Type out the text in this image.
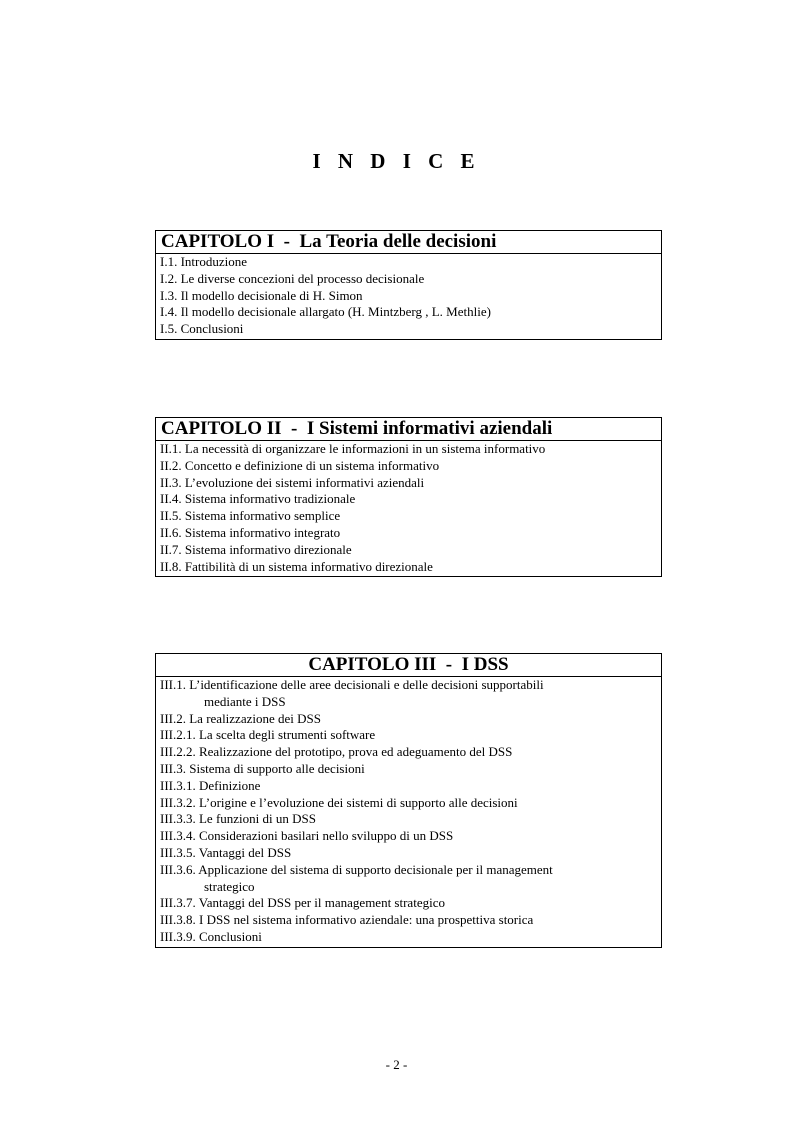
I N D I C E
CAPITOLO I  -  La Teoria delle decisioni
I.1. Introduzione
I.2. Le diverse concezioni del processo decisionale
I.3. Il modello decisionale di H. Simon
I.4. Il modello decisionale allargato (H. Mintzberg , L. Methlie)
I.5. Conclusioni
CAPITOLO II  -  I Sistemi informativi aziendali
II.1. La necessità di organizzare le informazioni in un sistema informativo
II.2. Concetto e definizione di un sistema informativo
II.3. L’evoluzione dei sistemi informativi aziendali
II.4. Sistema informativo tradizionale
II.5. Sistema informativo semplice
II.6. Sistema informativo integrato
II.7. Sistema informativo direzionale
II.8. Fattibilità di un sistema informativo direzionale
CAPITOLO III  -  I DSS
III.1. L’identificazione delle aree decisionali e delle decisioni supportabili
mediante i DSS
III.2. La realizzazione dei DSS
III.2.1. La scelta degli strumenti software
III.2.2. Realizzazione del prototipo, prova ed adeguamento del DSS
III.3. Sistema di supporto alle decisioni
III.3.1. Definizione
III.3.2. L’origine e l’evoluzione dei sistemi di supporto alle decisioni
III.3.3. Le funzioni di un DSS
III.3.4. Considerazioni basilari nello sviluppo di un DSS
III.3.5. Vantaggi del DSS
III.3.6. Applicazione del sistema di supporto decisionale per il management
strategico
III.3.7. Vantaggi del DSS per il management strategico
III.3.8. I DSS nel sistema informativo aziendale: una prospettiva storica
III.3.9. Conclusioni
- 2 -
